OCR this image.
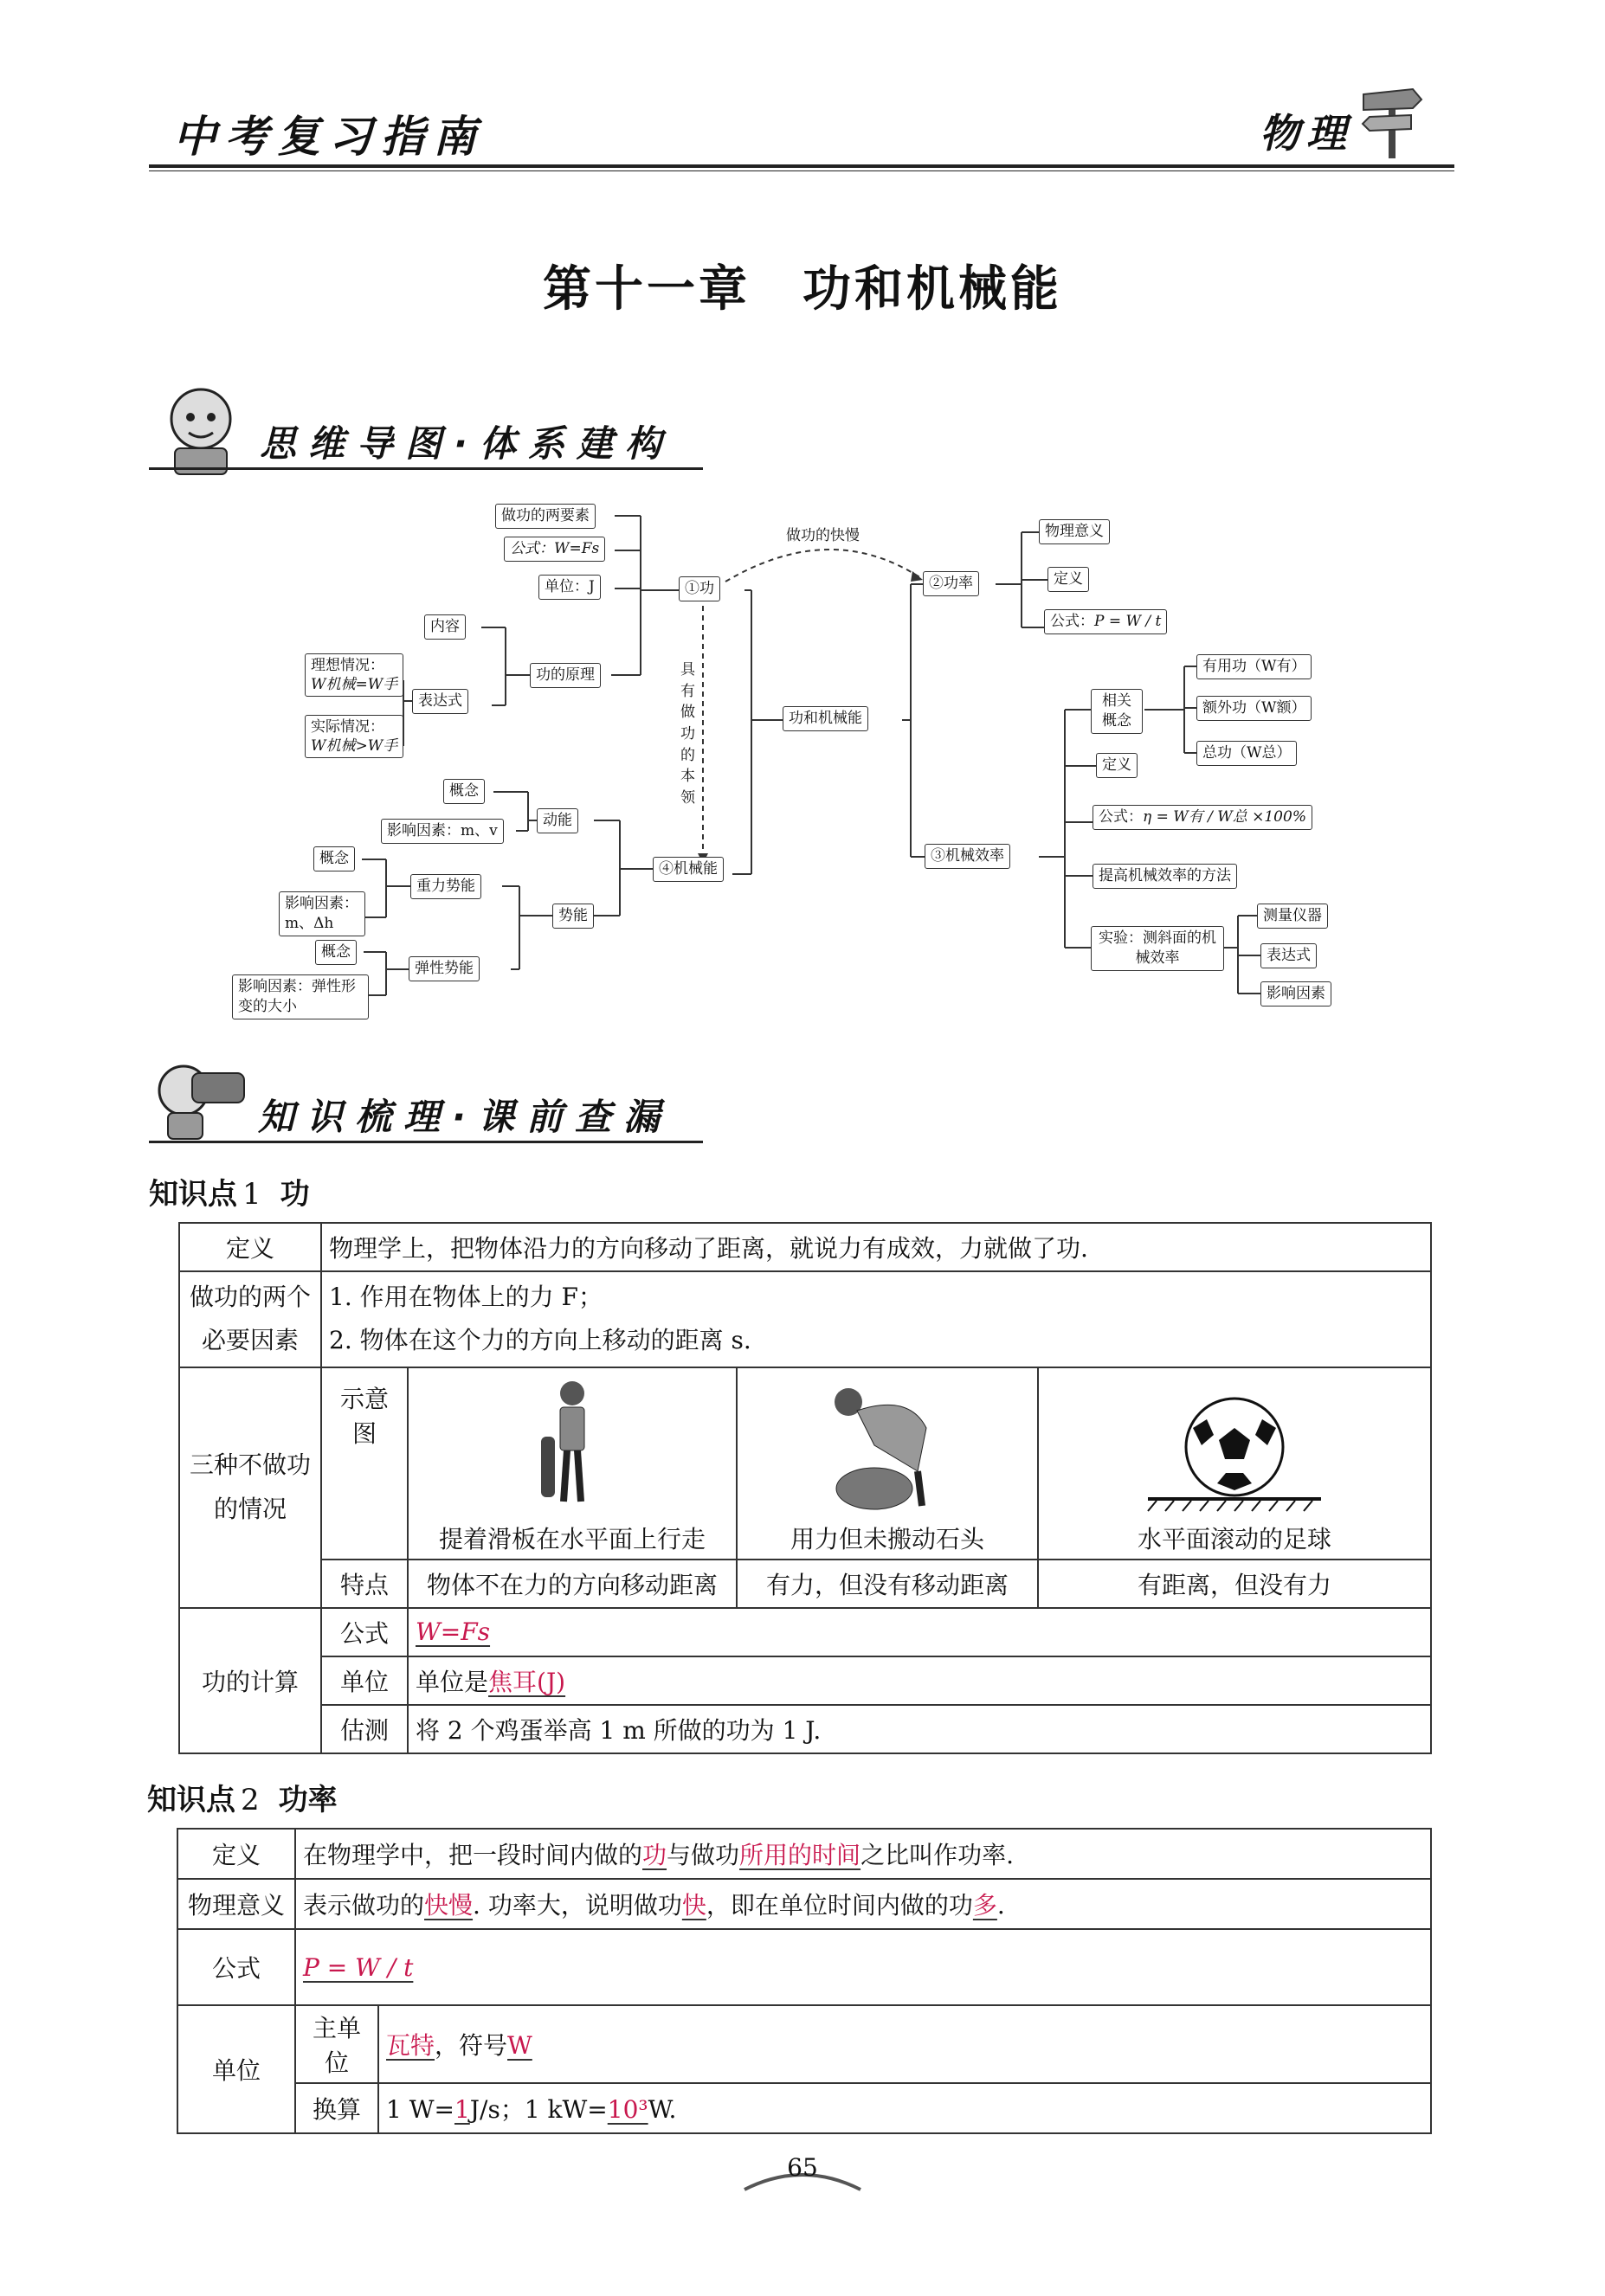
中考复习指南	物理
第十一章　功和机械能
思维导图·体系建构
做功的快慢
具有做功的本领
做功的两要素
公式：W=Fs
单位：J	①功
内容
功的原理
表达式
理想情况：
W机械=W手
实际情况：
W机械>W手
功和机械能
②功率
物理意义
定义
公式：P = W / t
相关概念
有用功（W有）
额外功（W额）
总功（W总）
定义
公式：η = W有 / W总 ×100%
③机械效率
提高机械效率的方法
实验：测斜面的机械效率
测量仪器
表达式
影响因素
④机械能
动能
概念
影响因素：m、v
势能
重力势能
概念
影响因素：m、Δh
弹性势能
概念
影响因素：弹性形变的大小
知识梳理·课前查漏
知识点 1 功
定义	物理学上，把物体沿力的方向移动了距离，就说力有成效，力就做了功.			
做功的两个必要因素	1. 作用在物体上的力 F；
2. 物体在这个力的方向上移动的距离 s.			

三种不做功的情况	示意图	提着滑板在水平面上行走	用力但未搬动石头	水平面滚动的足球

	特点	物体不在力的方向移动距离	有力，但没有移动距离	有距离，但没有力
功的计算	公式	W=Fs		
	单位	单位是焦耳(J)		
	估测	将 2 个鸡蛋举高 1 m 所做的功为 1 J.		
知识点 2 功率
定义	在物理学中，把一段时间内做的功与做功所用的时间之比叫作功率.	
物理意义	表示做功的快慢. 功率大，说明做功快，即在单位时间内做的功多.	
公式	P = W / t	
单位	主单位	瓦特，符号W
	换算	1 W=1J/s；1 kW=10³W.
65
